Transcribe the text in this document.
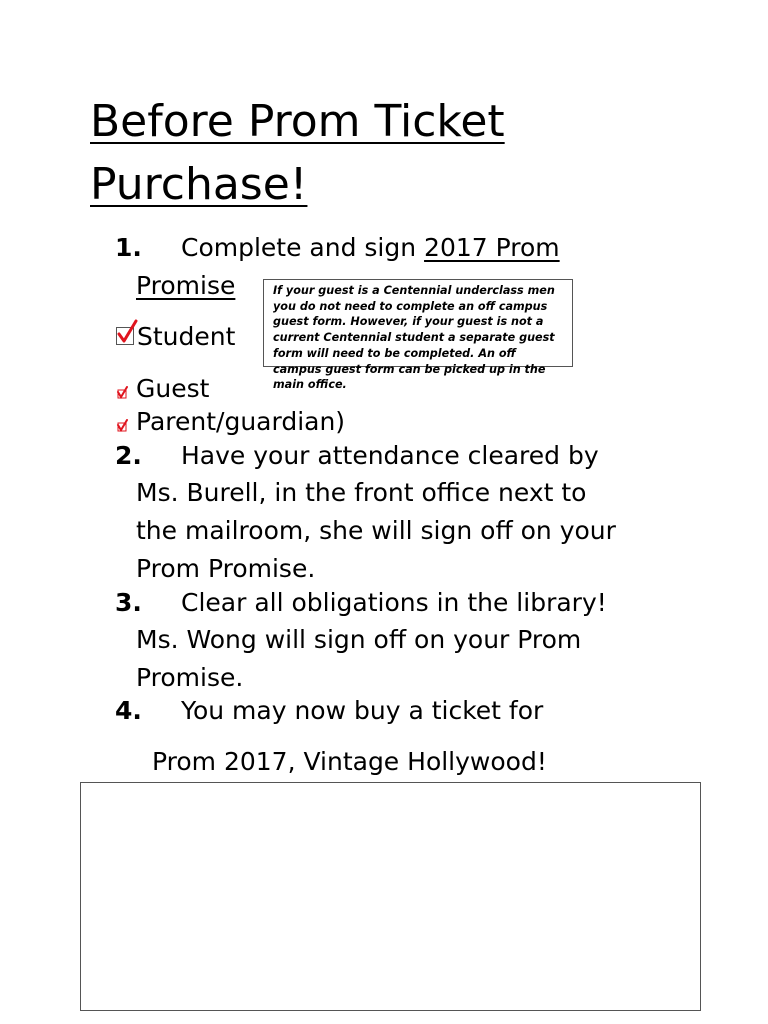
Before Prom Ticket
Purchase!
1. Complete and sign 2017 Prom
Promise
Student
Guest
Parent/guardian)
If your guest is a Centennial underclass men you do not need to complete an off campus guest form. However, if your guest is not a current Centennial student a separate guest form will need to be completed. An off campus guest form can be picked up in the main office.
2. Have your attendance cleared by
Ms. Burell, in the front office next to
the mailroom, she will sign off on your
Prom Promise.
3. Clear all obligations in the library!
Ms. Wong will sign off on your Prom
Promise.
4. You may now buy a ticket for
Prom 2017, Vintage Hollywood!
